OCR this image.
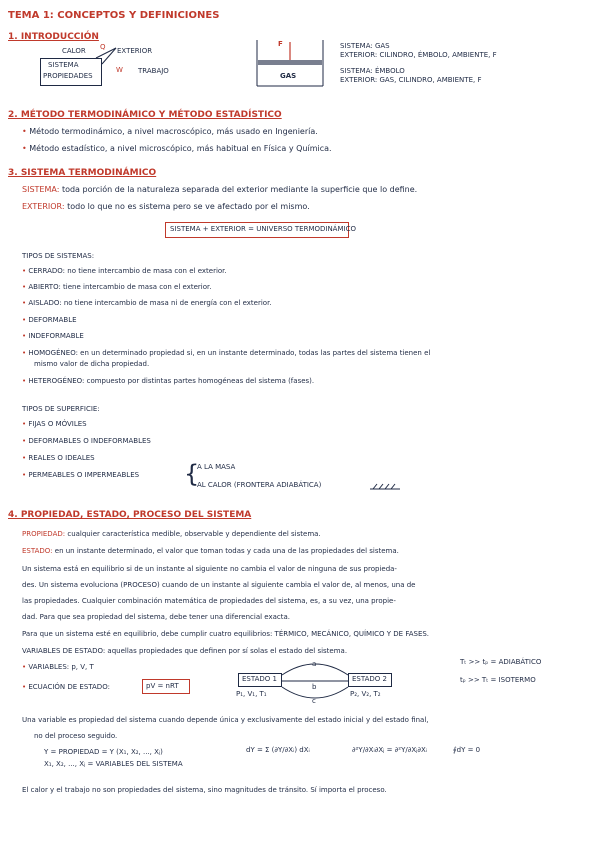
TEMA 1: CONCEPTOS Y DEFINICIONES
1. INTRODUCCIÓN
CALOR Q EXTERIOR
W TRABAJO
SISTEMA
PROPIEDADES
F
GAS
SISTEMA: GAS
EXTERIOR: CILINDRO, ÉMBOLO, AMBIENTE, F
SISTEMA: ÉMBOLO
EXTERIOR: GAS, CILINDRO, AMBIENTE, F
2. MÉTODO TERMODINÁMICO Y MÉTODO ESTADÍSTICO
• Método termodinámico, a nivel macroscópico, más usado en Ingeniería.
• Método estadístico, a nivel microscópico, más habitual en Física y Química.
3. SISTEMA TERMODINÁMICO
SISTEMA: toda porción de la naturaleza separada del exterior mediante la superficie que lo define.
EXTERIOR: todo lo que no es sistema pero se ve afectado por el mismo.
SISTEMA + EXTERIOR = UNIVERSO TERMODINÁMICO
TIPOS DE SISTEMAS:
• CERRADO: no tiene intercambio de masa con el exterior.
• ABIERTO: tiene intercambio de masa con el exterior.
• AISLADO: no tiene intercambio de masa ni de energía con el exterior.
• DEFORMABLE
• INDEFORMABLE
• HOMOGÉNEO: en un determinado propiedad si, en un instante determinado, todas las partes del sistema tienen el
mismo valor de dicha propiedad.
• HETEROGÉNEO: compuesto por distintas partes homogéneas del sistema (fases).
TIPOS DE SUPERFICIE:
• FIJAS O MÓVILES
• DEFORMABLES O INDEFORMABLES
• REALES O IDEALES
• PERMEABLES O IMPERMEABLES {
A LA MASA
AL CALOR (FRONTERA ADIABÁTICA)
4. PROPIEDAD, ESTADO, PROCESO DEL SISTEMA
PROPIEDAD: cualquier característica medible, observable y dependiente del sistema.
ESTADO: en un instante determinado, el valor que toman todas y cada una de las propiedades del sistema.
Un sistema está en equilibrio si de un instante al siguiente no cambia el valor de ninguna de sus propieda-
des. Un sistema evoluciona (PROCESO) cuando de un instante al siguiente cambia el valor de, al menos, una de
las propiedades. Cualquier combinación matemática de propiedades del sistema, es, a su vez, una propie-
dad. Para que sea propiedad del sistema, debe tener una diferencial exacta.
Para que un sistema esté en equilibrio, debe cumplir cuatro equilibrios: TÉRMICO, MECÁNICO, QUÍMICO Y DE FASES.
VARIABLES DE ESTADO: aquellas propiedades que definen por sí solas el estado del sistema.
• VARIABLES: p, V, T
• ECUACIÓN DE ESTADO:	pV = nRT
ESTADO 1	ESTADO 2
a
b
c
P₁, V₁, T₁	P₂, V₂, T₂
Tₜ >> tₚ = ADIABÁTICO
tₚ >> Tₜ = ISOTERMO
Una variable es propiedad del sistema cuando depende única y exclusivamente del estado inicial y del estado final,
no del proceso seguido.
Y = PROPIEDAD = Y (X₁, X₂, ..., Xⱼ)
X₁, X₂, ..., Xⱼ = VARIABLES DEL SISTEMA
dY = Σ (∂Y/∂Xᵢ) dXᵢ	∂²Y/∂Xᵢ∂Xⱼ = ∂²Y/∂Xⱼ∂Xᵢ	∮dY = 0
El calor y el trabajo no son propiedades del sistema, sino magnitudes de tránsito. Sí importa el proceso.
